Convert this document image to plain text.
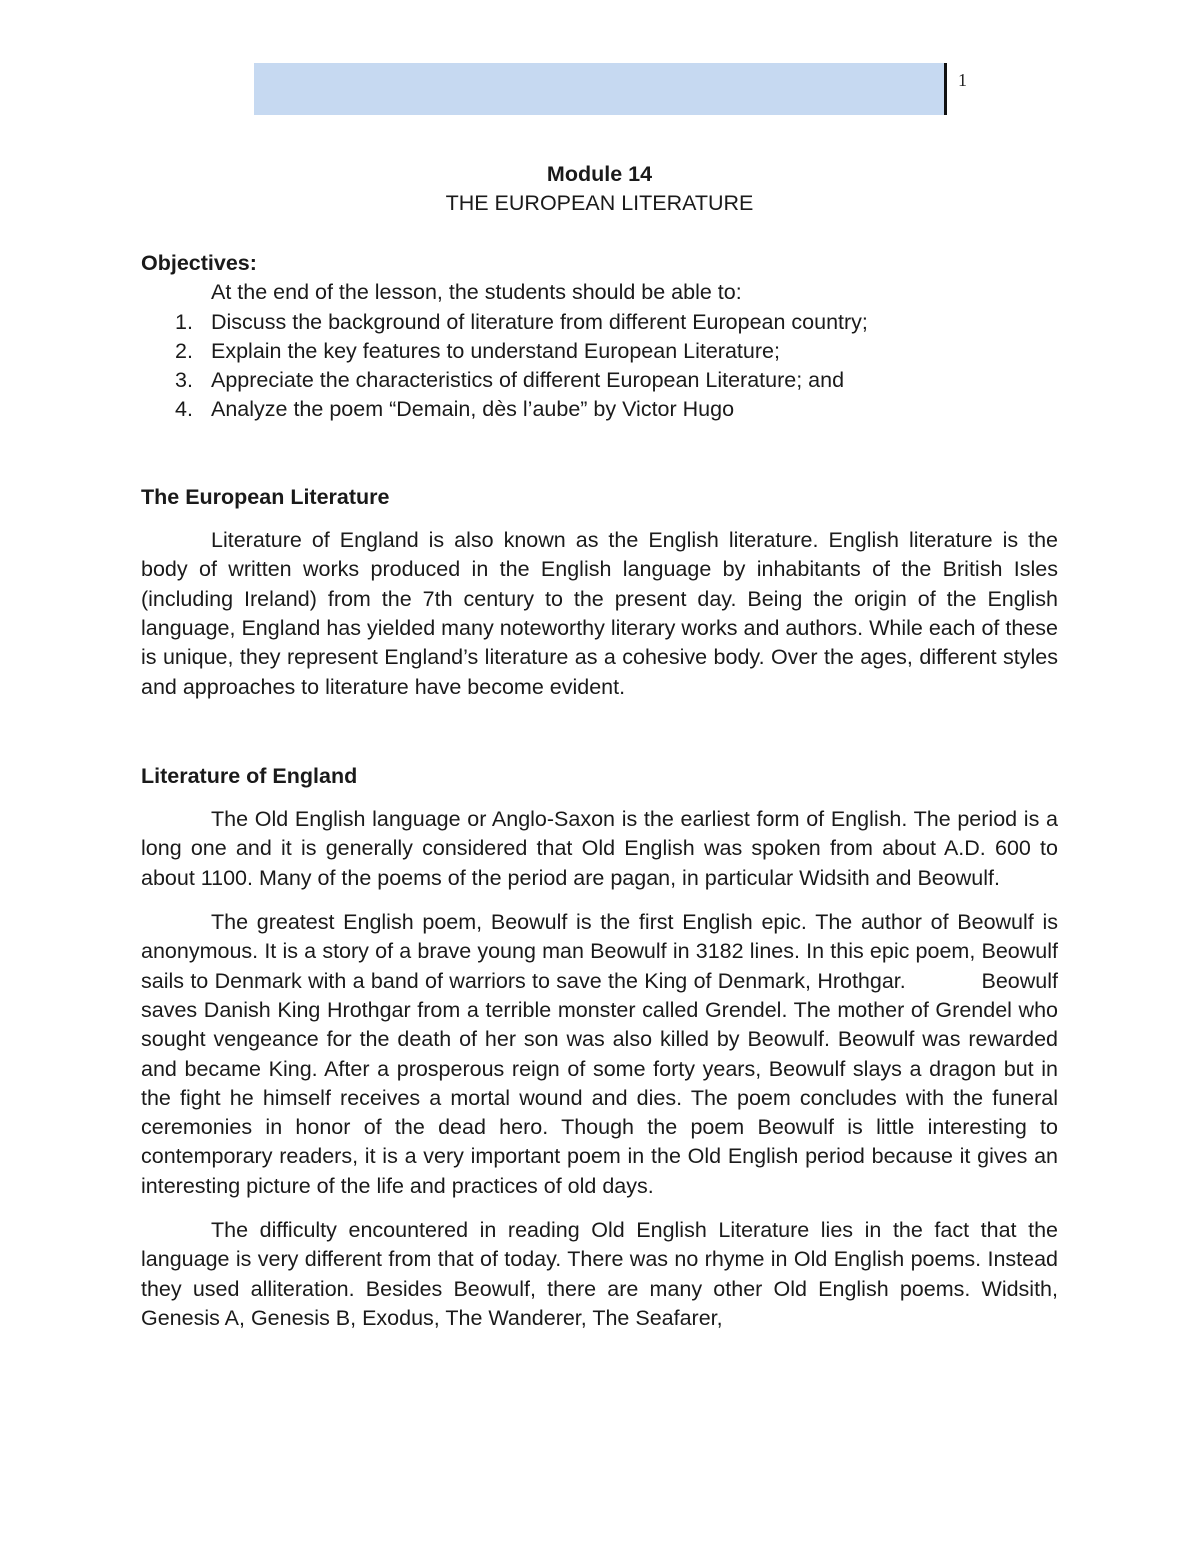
1
Module 14
THE EUROPEAN LITERATURE
Objectives:
At the end of the lesson, the students should be able to:
1. Discuss the background of literature from different European country;
2. Explain the key features to understand European Literature;
3. Appreciate the characteristics of different European Literature; and
4. Analyze the poem “Demain, dès l’aube” by Victor Hugo
The European Literature

Literature of England is also known as the English literature. English literature is the body of written works produced in the English language by inhabitants of the British Isles (including Ireland) from the 7th century to the present day. Being the origin of the English language, England has yielded many noteworthy literary works and authors. While each of these is unique, they represent England’s literature as a cohesive body. Over the ages, different styles and approaches to literature have become evident.

Literature of England

The Old English language or Anglo-Saxon is the earliest form of English. The period is a long one and it is generally considered that Old English was spoken from about A.D. 600 to about 1100. Many of the poems of the period are pagan, in particular Widsith and Beowulf.

The greatest English poem, Beowulf is the first English epic. The author of Beowulf is anonymous. It is a story of a brave young man Beowulf in 3182 lines. In this epic poem, Beowulf sails to Denmark with a band of warriors to save the King of Denmark, Hrothgar.            Beowulf saves Danish King Hrothgar from a terrible monster called Grendel. The mother of Grendel who sought vengeance for the death of her son was also killed by Beowulf. Beowulf was rewarded and became King. After a prosperous reign of some forty years, Beowulf slays a dragon but in the fight he himself receives a mortal wound and dies. The poem concludes with the funeral ceremonies in honor of the dead hero. Though the poem Beowulf is little interesting to contemporary readers, it is a very important poem in the Old English period because it gives an interesting picture of the life and practices of old days.

The difficulty encountered in reading Old English Literature lies in the fact that the language is very different from that of today. There was no rhyme in Old English poems. Instead they used alliteration. Besides Beowulf, there are many other Old English poems. Widsith, Genesis A, Genesis B, Exodus, The Wanderer, The Seafarer,
